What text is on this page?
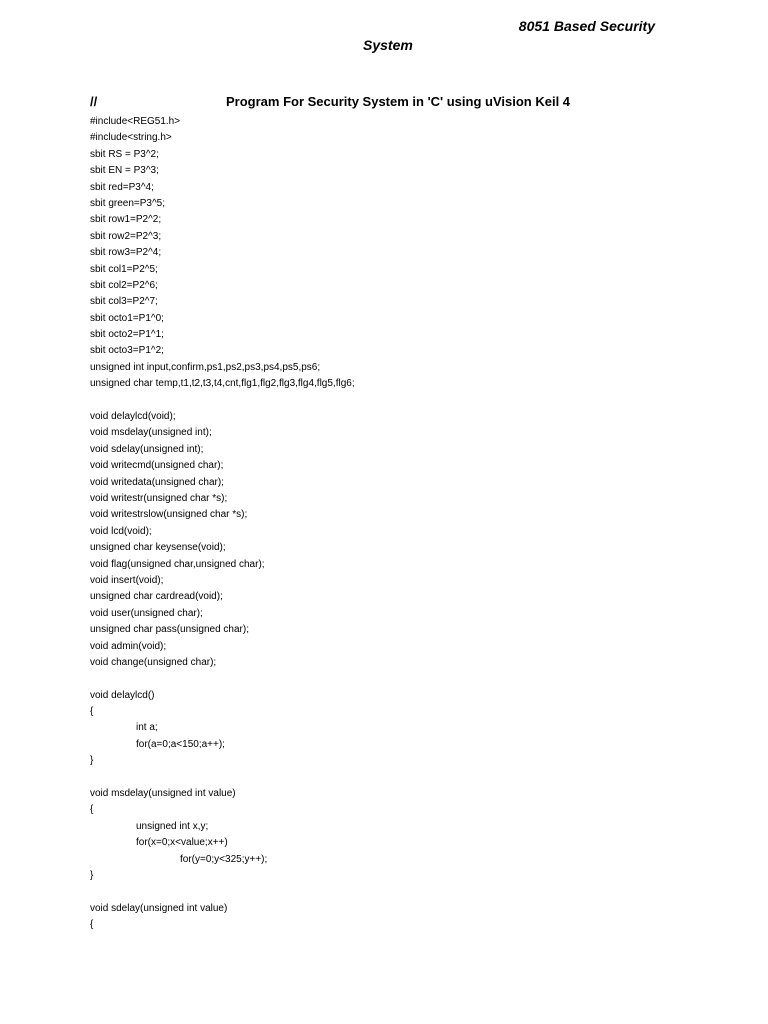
8051 Based Security
System
//	Program For Security System in 'C' using uVision Keil 4
#include<REG51.h>
#include<string.h>
sbit RS = P3^2;
sbit EN = P3^3;
sbit red=P3^4;
sbit green=P3^5;
sbit row1=P2^2;
sbit row2=P2^3;
sbit row3=P2^4;
sbit col1=P2^5;
sbit col2=P2^6;
sbit col3=P2^7;
sbit octo1=P1^0;
sbit octo2=P1^1;
sbit octo3=P1^2;
unsigned int input,confirm,ps1,ps2,ps3,ps4,ps5,ps6;
unsigned char temp,t1,t2,t3,t4,cnt,flg1,flg2,flg3,flg4,flg5,flg6;
void delaylcd(void);
void msdelay(unsigned int);
void sdelay(unsigned int);
void writecmd(unsigned char);
void writedata(unsigned char);
void writestr(unsigned char *s);
void writestrslow(unsigned char *s);
void lcd(void);
unsigned char keysense(void);
void flag(unsigned char,unsigned char);
void insert(void);
unsigned char cardread(void);
void user(unsigned char);
unsigned char pass(unsigned char);
void admin(void);
void change(unsigned char);
void delaylcd()
{
int a;
for(a=0;a<150;a++);
}
void msdelay(unsigned int value)
{
unsigned int x,y;
for(x=0;x<value;x++)
for(y=0;y<325;y++);
}
void sdelay(unsigned int value)
{
